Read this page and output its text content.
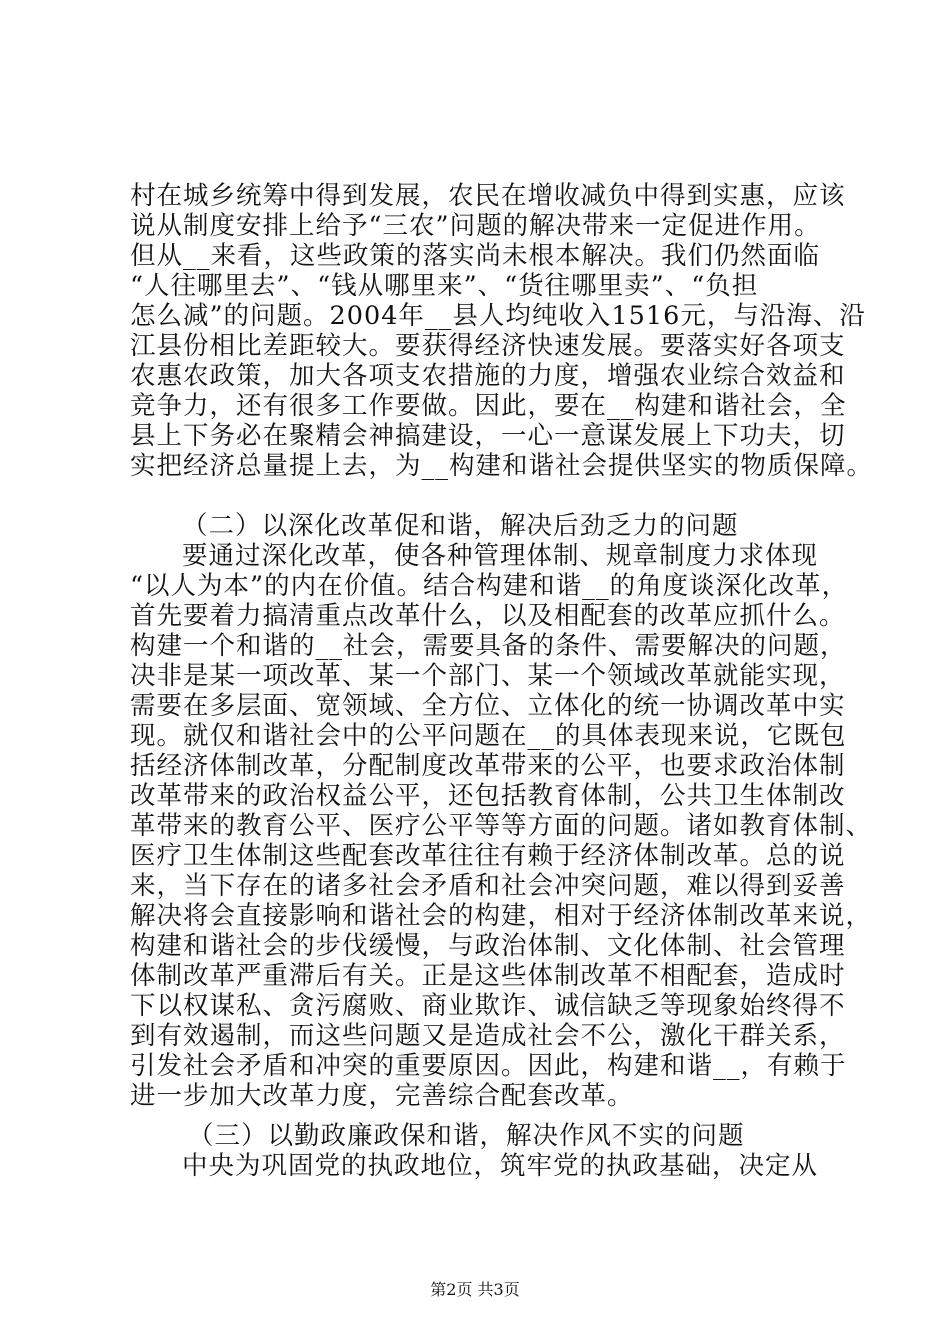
村在城乡统筹中得到发展，农民在增收减负中得到实惠，应该
说从制度安排上给予“三农”问题的解决带来一定促进作用。
但从__来看，这些政策的落实尚未根本解决。我们仍然面临
“人往哪里去”、“钱从哪里来”、“货往哪里卖”、“负担
怎么减”的问题。2004年__县人均纯收入1516元，与沿海、沿
江县份相比差距较大。要获得经济快速发展。要落实好各项支
农惠农政策，加大各项支农措施的力度，增强农业综合效益和
竞争力，还有很多工作要做。因此，要在__构建和谐社会，全
县上下务必在聚精会神搞建设，一心一意谋发展上下功夫，切
实把经济总量提上去，为__构建和谐社会提供坚实的物质保障。
（二）以深化改革促和谐，解决后劲乏力的问题
要通过深化改革，使各种管理体制、规章制度力求体现
“以人为本”的内在价值。结合构建和谐__的角度谈深化改革，
首先要着力搞清重点改革什么，以及相配套的改革应抓什么。
构建一个和谐的__社会，需要具备的条件、需要解决的问题，
决非是某一项改革、某一个部门、某一个领域改革就能实现，
需要在多层面、宽领域、全方位、立体化的统一协调改革中实
现。就仅和谐社会中的公平问题在__的具体表现来说，它既包
括经济体制改革，分配制度改革带来的公平，也要求政治体制
改革带来的政治权益公平，还包括教育体制，公共卫生体制改
革带来的教育公平、医疗公平等等方面的问题。诸如教育体制、
医疗卫生体制这些配套改革往往有赖于经济体制改革。总的说
来，当下存在的诸多社会矛盾和社会冲突问题，难以得到妥善
解决将会直接影响和谐社会的构建，相对于经济体制改革来说，
构建和谐社会的步伐缓慢，与政治体制、文化体制、社会管理
体制改革严重滞后有关。正是这些体制改革不相配套，造成时
下以权谋私、贪污腐败、商业欺诈、诚信缺乏等现象始终得不
到有效遏制，而这些问题又是造成社会不公，激化干群关系，
引发社会矛盾和冲突的重要原因。因此，构建和谐__，有赖于
进一步加大改革力度，完善综合配套改革。
（三）以勤政廉政保和谐，解决作风不实的问题
中央为巩固党的执政地位，筑牢党的执政基础，决定从
第2页 共3页
